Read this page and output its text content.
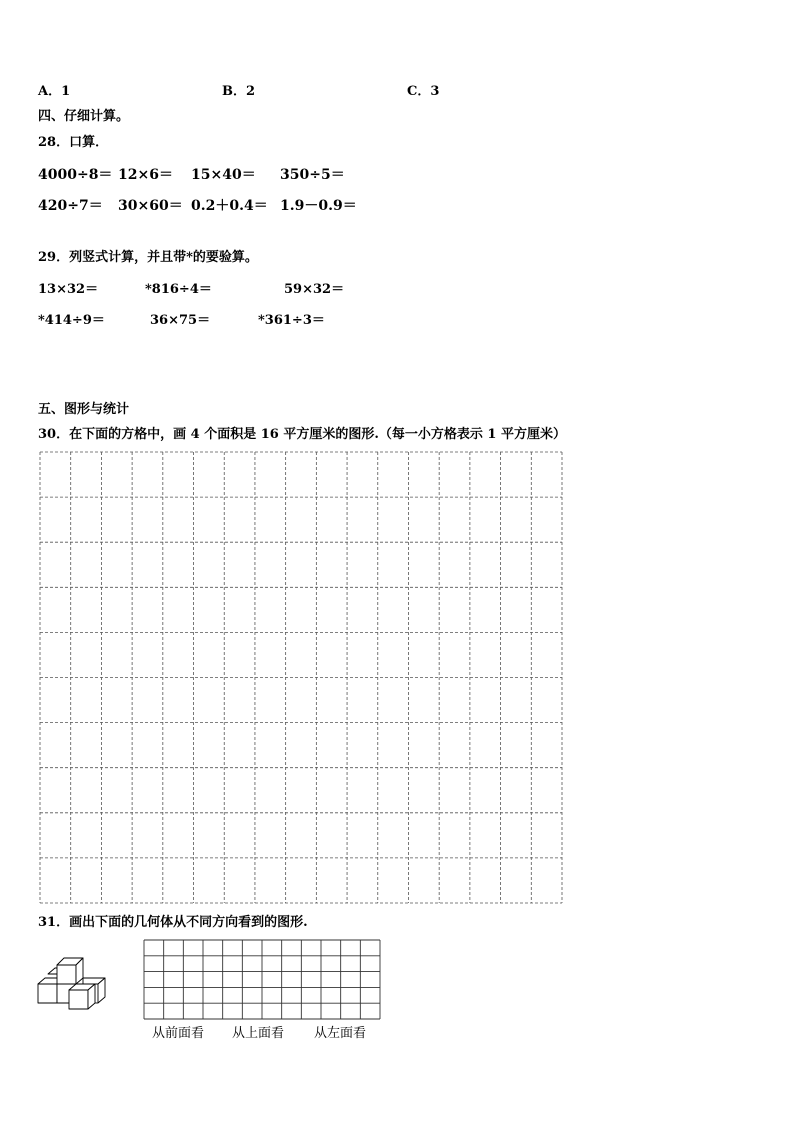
A．1	B．2	C．3
四、仔细计算。
28．口算．
4000÷8＝ 12×6＝ 15×40＝ 350÷5＝
420÷7＝ 30×60＝ 0.2＋0.4＝ 1.9－0.9＝
29．列竖式计算，并且带*的要验算。
13×32＝	*816÷4＝	59×32＝
*414÷9＝	36×75＝	*361÷3＝
五、图形与统计
30．在下面的方格中，画 4 个面积是 16 平方厘米的图形.（每一小方格表示 1 平方厘米）
31．画出下面的几何体从不同方向看到的图形.
从前面看 从上面看 从左面看
